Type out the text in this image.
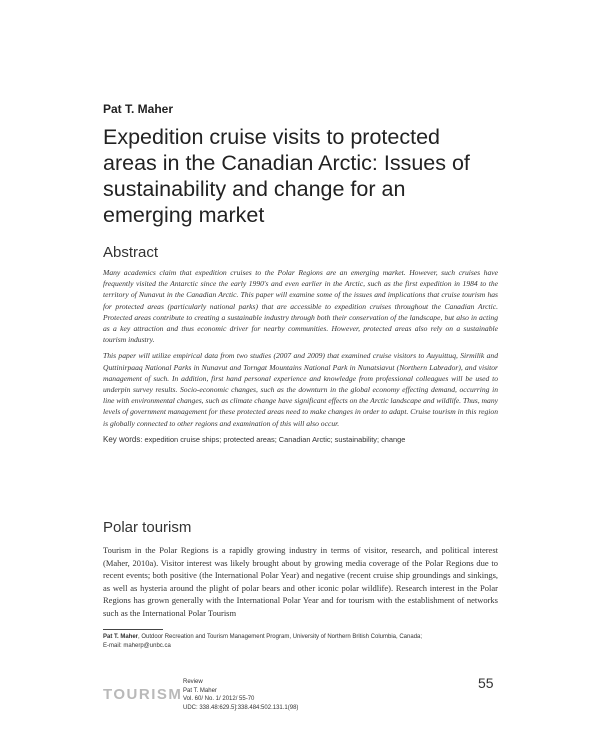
Pat T. Maher
Expedition cruise visits to protected areas in the Canadian Arctic: Issues of sustainability and change for an emerging market
Abstract

Many academics claim that expedition cruises to the Polar Regions are an emerging market. However, such cruises have frequently visited the Antarctic since the early 1990's and even earlier in the Arctic, such as the first expedition in 1984 to the territory of Nunavut in the Canadian Arctic. This paper will examine some of the issues and implications that cruise tourism has for protected areas (particularly national parks) that are accessible to expedition cruises throughout the Canadian Arctic. Protected areas contribute to creating a sustainable industry through both their conservation of the landscape, but also in acting as a key attraction and thus economic driver for nearby communities. However, protected areas also rely on a sustainable tourism industry.

This paper will utilize empirical data from two studies (2007 and 2009) that examined cruise visitors to Auyuittuq, Sirmilik and Quttinirpaaq National Parks in Nunavut and Torngat Mountains National Park in Nunatsiavut (Northern Labrador), and visitor management of such. In addition, first hand personal experience and knowledge from professional colleagues will be used to underpin survey results. Socio-economic changes, such as the downturn in the global economy effecting demand, occurring in line with environmental changes, such as climate change have significant effects on the Arctic landscape and wildlife. Thus, many levels of government management for these protected areas need to make changes in order to adapt. Cruise tourism in this region is globally connected to other regions and examination of this will also occur.

Key words: expedition cruise ships; protected areas; Canadian Arctic; sustainability; change
Polar tourism

Tourism in the Polar Regions is a rapidly growing industry in terms of visitor, research, and political interest (Maher, 2010a). Visitor interest was likely brought about by growing media coverage of the Polar Regions due to recent events; both positive (the International Polar Year) and negative (recent cruise ship groundings and sinkings, as well as hysteria around the plight of polar bears and other iconic polar wildlife). Research interest in the Polar Regions has grown generally with the International Polar Year and for tourism with the establishment of networks such as the International Polar Tourism

Pat T. Maher, Outdoor Recreation and Tourism Management Program, University of Northern British Columbia, Canada;
E-mail: maherp@unbc.ca
TOURISM
Review
Pat T. Maher
Vol. 60/ No. 1/ 2012/ 55-70
UDC: 338.48:629.5]:338.484:502.131.1(98)
55
